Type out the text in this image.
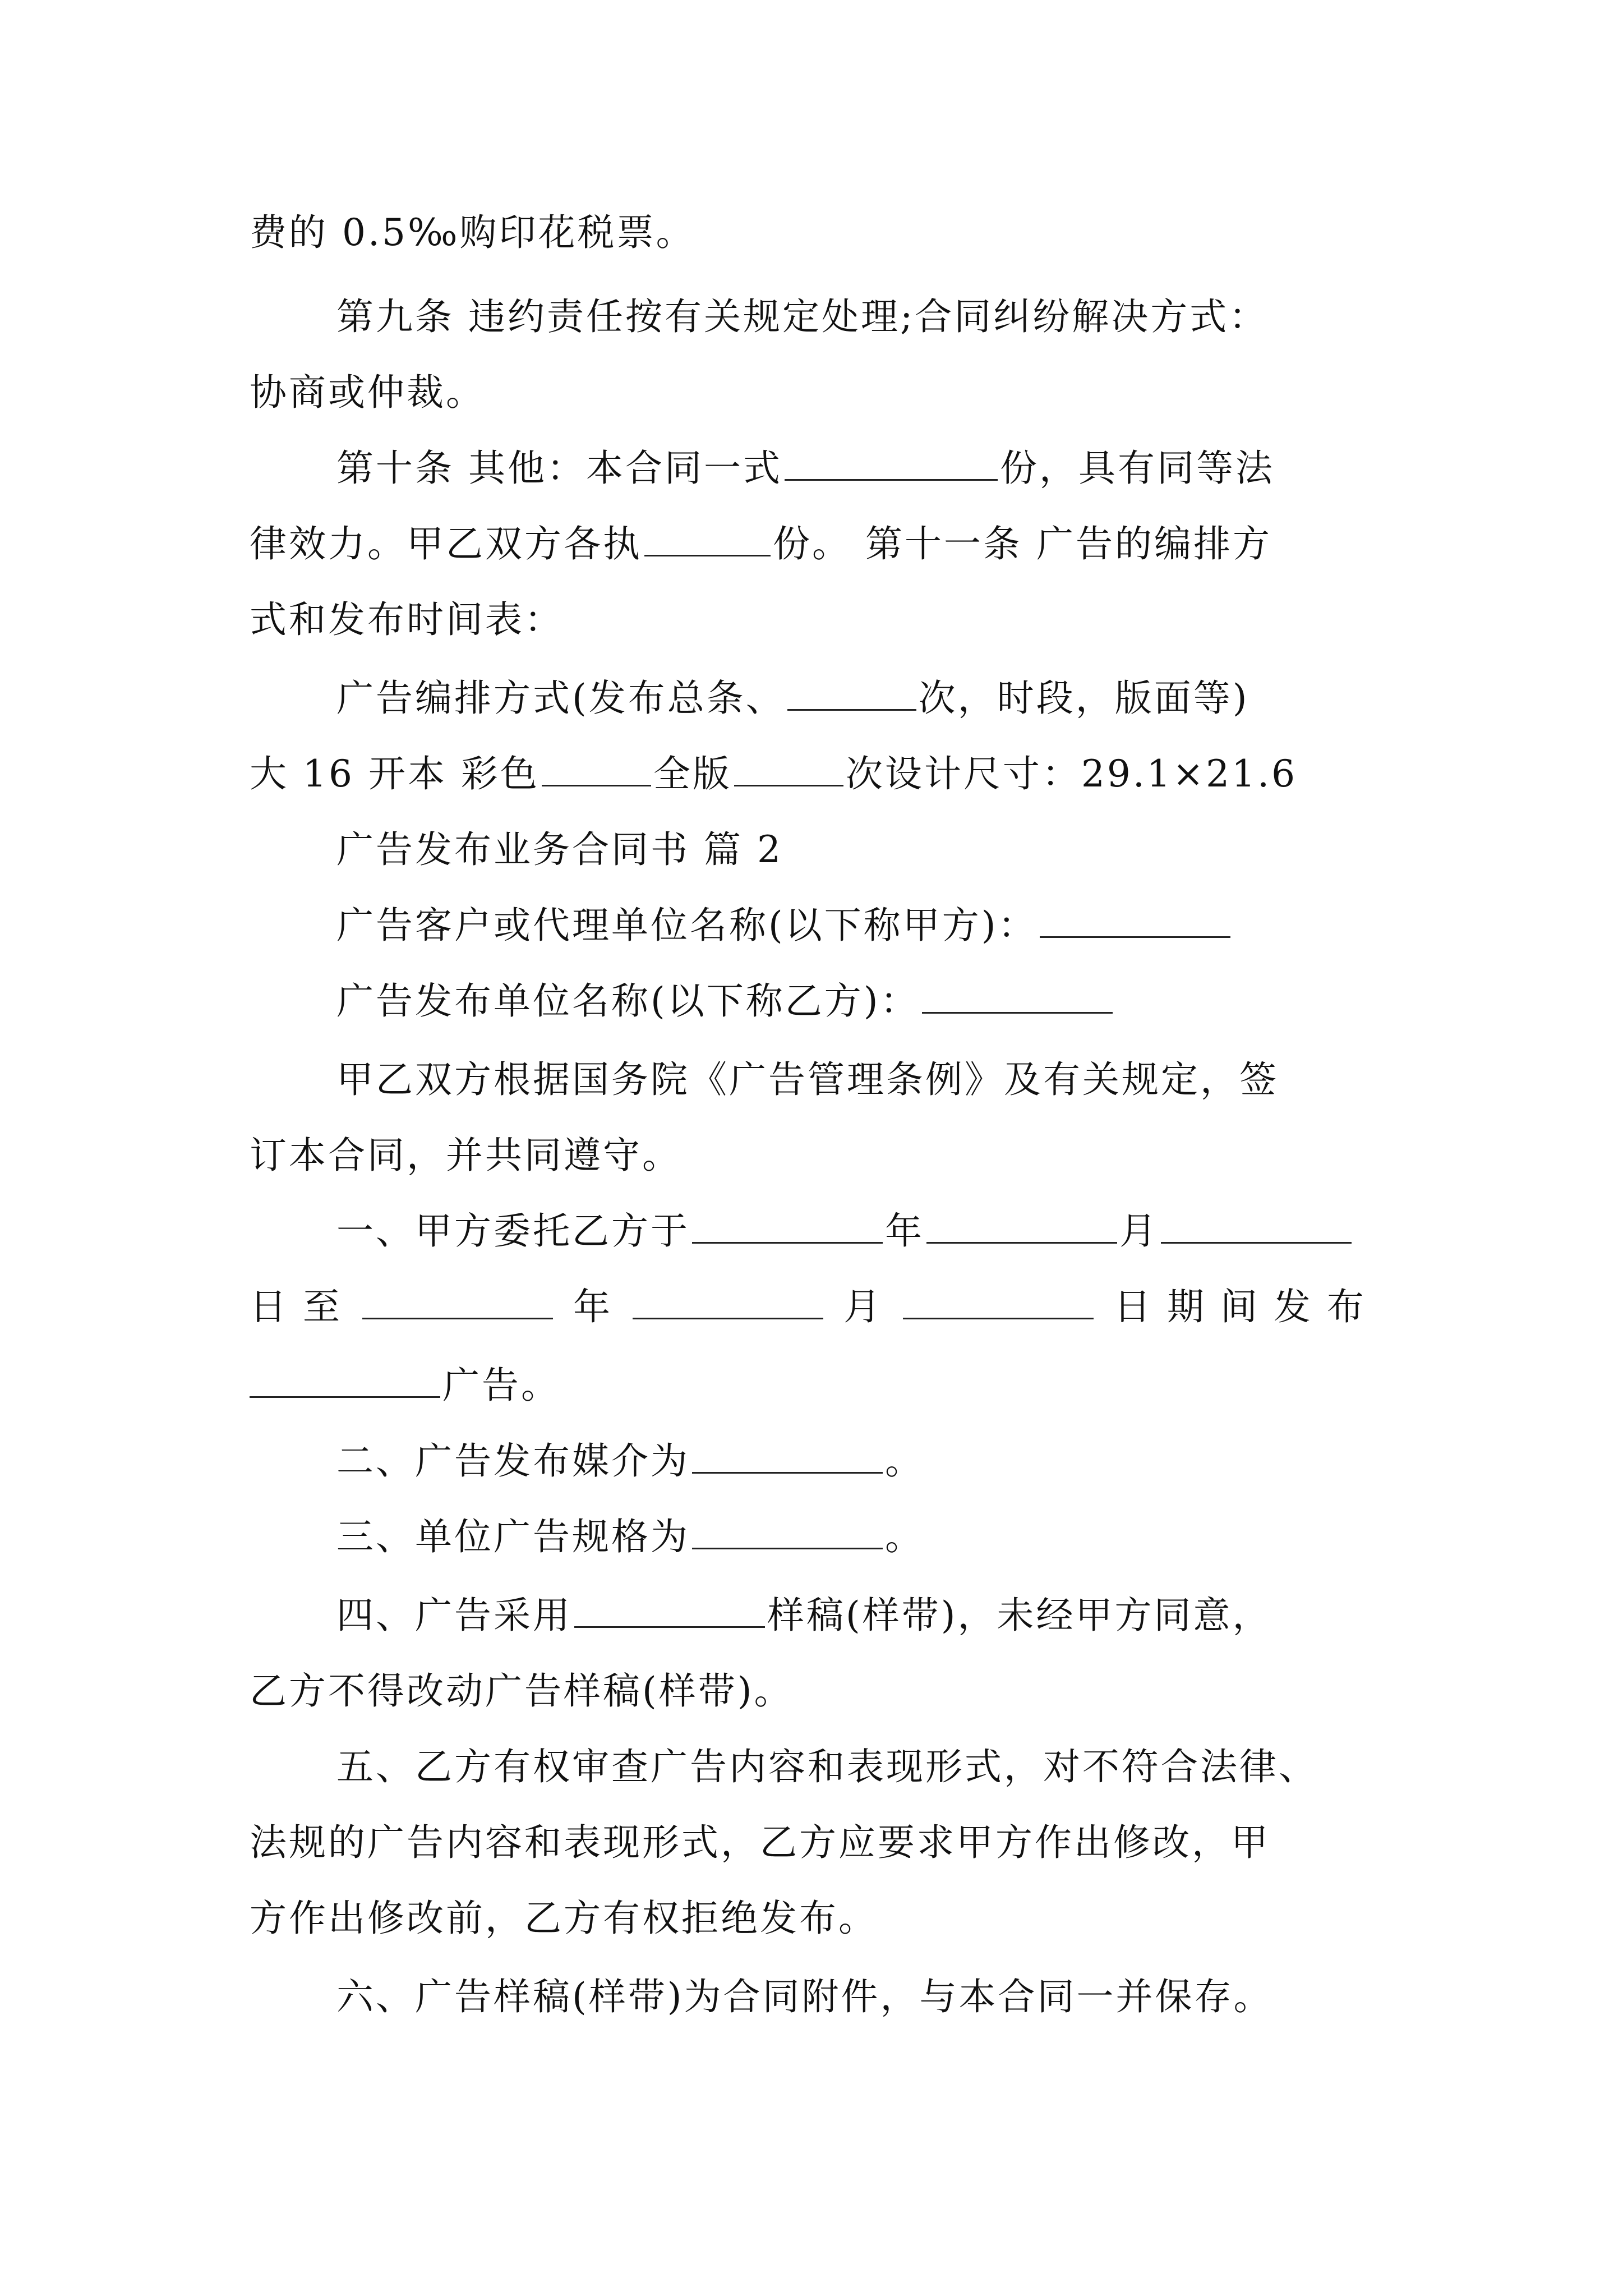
费的 0.5‰购印花税票。
第九条 违约责任按有关规定处理;合同纠纷解决方式：
协商或仲裁。
第十条 其他：本合同一式	份，具有同等法
律效力。甲乙双方各执	份。 第十一条 广告的编排方
式和发布时间表：
广告编排方式(发布总条、	次，时段，版面等)
大 16 开本 彩色	全版	次设计尺寸：29.1×21.6
广告发布业务合同书 篇 2
广告客户或代理单位名称(以下称甲方)：
广告发布单位名称(以下称乙方)：
甲乙双方根据国务院《广告管理条例》及有关规定，签
订本合同，并共同遵守。
一、甲方委托乙方于	年	月
日 至	年	月	日 期 间 发 布
广告。
二、广告发布媒介为	。
三、单位广告规格为	。
四、广告采用	样稿(样带)，未经甲方同意，
乙方不得改动广告样稿(样带)。
五、乙方有权审查广告内容和表现形式，对不符合法律、
法规的广告内容和表现形式，乙方应要求甲方作出修改，甲
方作出修改前，乙方有权拒绝发布。
六、广告样稿(样带)为合同附件，与本合同一并保存。
